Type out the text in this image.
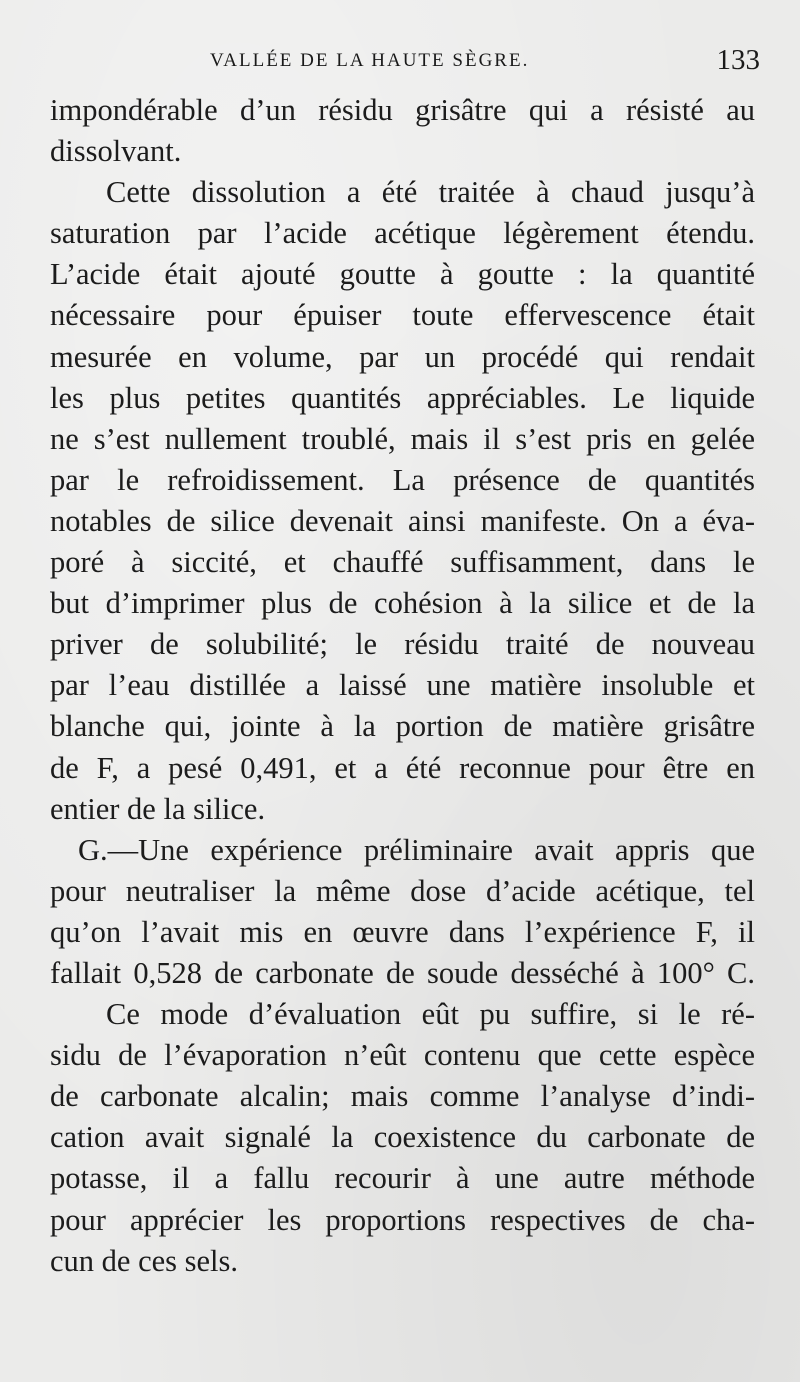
VALLÉE DE LA HAUTE SÈGRE.	133
impondérable d’un résidu grisâtre qui a résisté au
dissolvant.
Cette dissolution a été traitée à chaud jusqu’à
saturation par l’acide acétique légèrement étendu.
L’acide était ajouté goutte à goutte : la quantité
nécessaire pour épuiser toute effervescence était
mesurée en volume, par un procédé qui rendait
les plus petites quantités appréciables. Le liquide
ne s’est nullement troublé, mais il s’est pris en gelée
par le refroidissement. La présence de quantités
notables de silice devenait ainsi manifeste. On a éva-
poré à siccité, et chauffé suffisamment, dans le
but d’imprimer plus de cohésion à la silice et de la
priver de solubilité; le résidu traité de nouveau
par l’eau distillée a laissé une matière insoluble et
blanche qui, jointe à la portion de matière grisâtre
de F, a pesé 0,491, et a été reconnue pour être en
entier de la silice.
G.—Une expérience préliminaire avait appris que
pour neutraliser la même dose d’acide acétique, tel
qu’on l’avait mis en œuvre dans l’expérience F, il
fallait 0,528 de carbonate de soude desséché à 100° C.
Ce mode d’évaluation eût pu suffire, si le ré-
sidu de l’évaporation n’eût contenu que cette espèce
de carbonate alcalin; mais comme l’analyse d’indi-
cation avait signalé la coexistence du carbonate de
potasse, il a fallu recourir à une autre méthode
pour apprécier les proportions respectives de cha-
cun de ces sels.
